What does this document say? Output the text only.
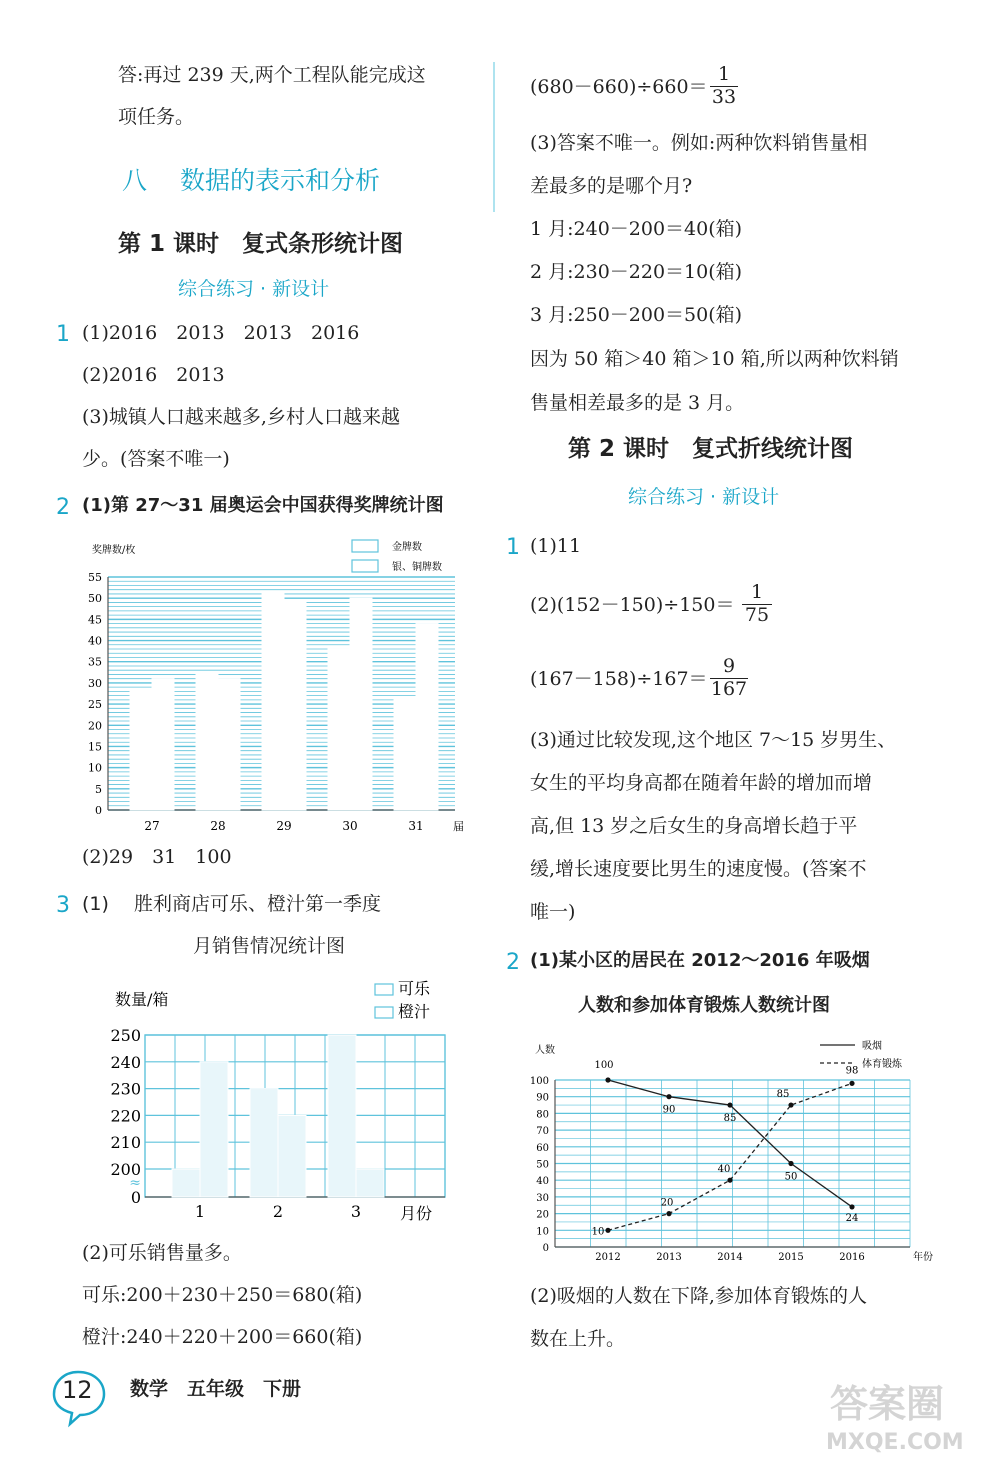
答:再过 239 天,两个工程队能完成这
项任务。
八 数据的表示和分析
第 1 课时　复式条形统计图
综合练习 · 新设计
1 (1)2016　2013　2013　2016
(2)2016　2013
(3)城镇人口越来越多,乡村人口越来越
少。(答案不唯一)
2 (1)第 27～31 届奥运会中国获得奖牌统计图
0
5
10
15
20
25
30
35
40
45
50
55
奖牌数/枚
27	28	29	30	31	届
金牌数
银、铜牌数
(2)29　31　100
3 (1)　 胜利商店可乐、橙汁第一季度
月销售情况统计图
0
200
210
220
230
240
250
数量/箱
≈
1	2	3 月份
可乐
橙汁
(2)可乐销售量多。
可乐:200＋230＋250＝680(箱)
橙汁:240＋220＋200＝660(箱)
$(680-660)\div 660= \frac{1}{33}$
(3)答案不唯一。例如:两种饮料销售量相
差最多的是哪个月?
1 月:240－200＝40(箱)
2 月:230－220＝10(箱)
3 月:250－200＝50(箱)
因为 50 箱＞40 箱＞10 箱,所以两种饮料销
售量相差最多的是 3 月。
第 2 课时　复式折线统计图
综合练习 · 新设计
1 (1)11
$(2)(152-150)\div 150= \frac{1}{75}$
$(167-158)\div 167= \frac{9}{167}$
(3)通过比较发现,这个地区 7～15 岁男生、
女生的平均身高都在随着年龄的增加而增
高,但 13 岁之后女生的身高增长趋于平
缓,增长速度要比男生的速度慢。(答案不
唯一)
2 (1)某小区的居民在 2012～2016 年吸烟
人数和参加体育锻炼人数统计图
0
10
20
30
40
50
60
70
80
90
100
人数
2012	2013	2014	2015	2016	年份
100
90
85
50
24
10
20
40
85
98
吸烟
体育锻炼
(2)吸烟的人数在下降,参加体育锻炼的人
数在上升。
12 数学　五年级　下册	答案圈
MXQE.COM
